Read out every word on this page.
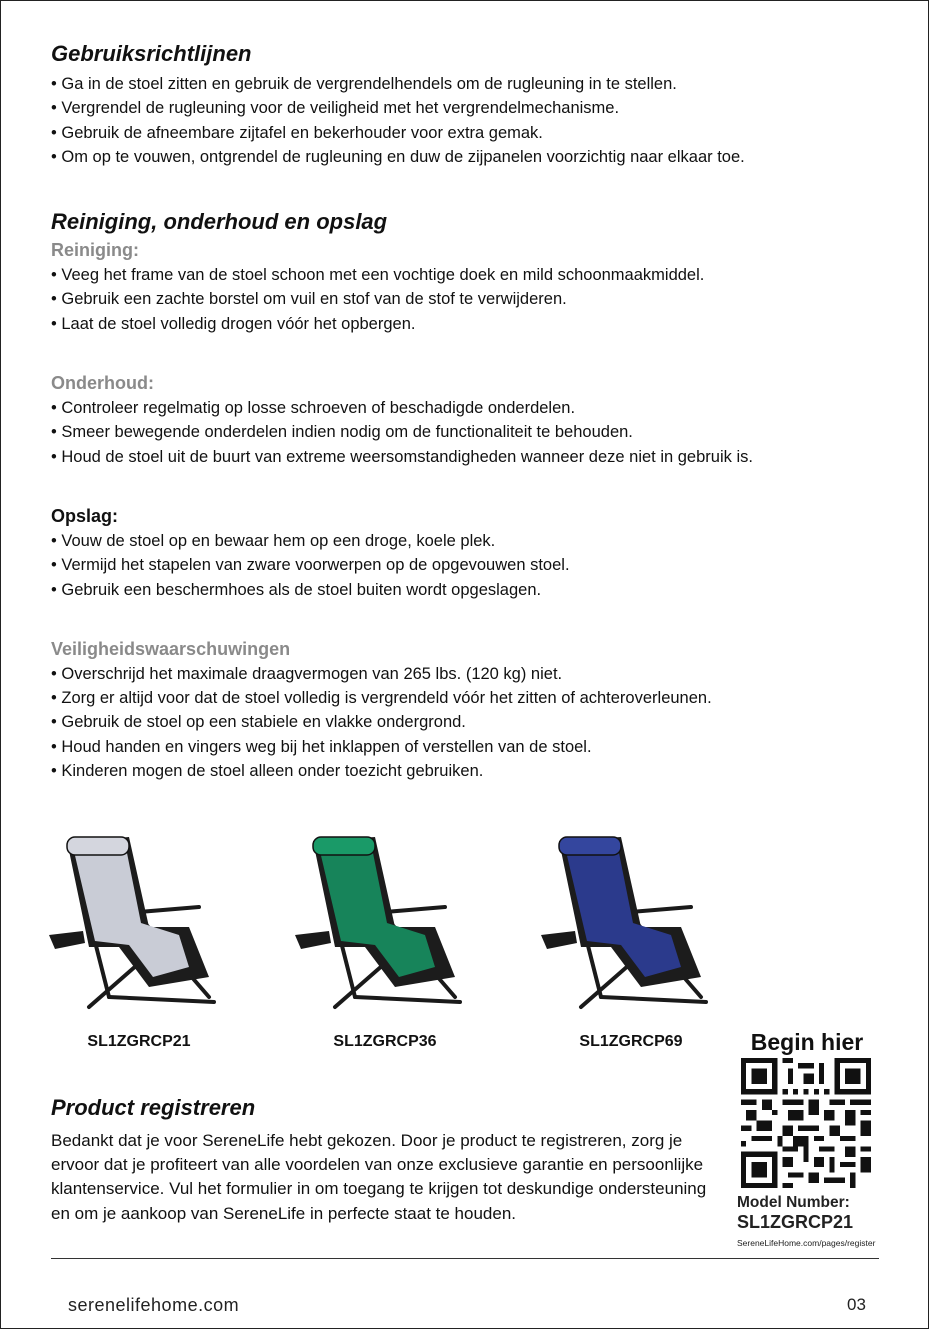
Gebruiksrichtlijnen
• Ga in de stoel zitten en gebruik de vergrendelhendels om de rugleuning in te stellen.
• Vergrendel de rugleuning voor de veiligheid met het vergrendelmechanisme.
• Gebruik de afneembare zijtafel en bekerhouder voor extra gemak.
• Om op te vouwen, ontgrendel de rugleuning en duw de zijpanelen voorzichtig naar elkaar toe.
Reiniging, onderhoud en opslag
Reiniging:
• Veeg het frame van de stoel schoon met een vochtige doek en mild schoonmaakmiddel.
• Gebruik een zachte borstel om vuil en stof van de stof te verwijderen.
• Laat de stoel volledig drogen vóór het opbergen.
Onderhoud:
• Controleer regelmatig op losse schroeven of beschadigde onderdelen.
• Smeer bewegende onderdelen indien nodig om de functionaliteit te behouden.
• Houd de stoel uit de buurt van extreme weersomstandigheden wanneer deze niet in gebruik is.
Opslag:
• Vouw de stoel op en bewaar hem op een droge, koele plek.
• Vermijd het stapelen van zware voorwerpen op de opgevouwen stoel.
• Gebruik een beschermhoes als de stoel buiten wordt opgeslagen.
Veiligheidswaarschuwingen
• Overschrijd het maximale draagvermogen van 265 lbs. (120 kg) niet.
• Zorg er altijd voor dat de stoel volledig is vergrendeld vóór het zitten of achteroverleunen.
• Gebruik de stoel op een stabiele en vlakke ondergrond.
• Houd handen en vingers weg bij het inklappen of verstellen van de stoel.
• Kinderen mogen de stoel alleen onder toezicht gebruiken.
SL1ZGRCP21	SL1ZGRCP36	SL1ZGRCP69
Product registreren

Bedankt dat je voor SereneLife hebt gekozen. Door je product te registreren, zorg je ervoor dat je profiteert van alle voordelen van onze exclusieve garantie en persoonlijke klantenservice. Vul het formulier in om toegang te krijgen tot deskundige ondersteuning en om je aankoop van SereneLife in perfecte staat te houden.

Begin hier
Model Number:
SL1ZGRCP21
SereneLifeHome.com/pages/register
serenelifehome.com	03
